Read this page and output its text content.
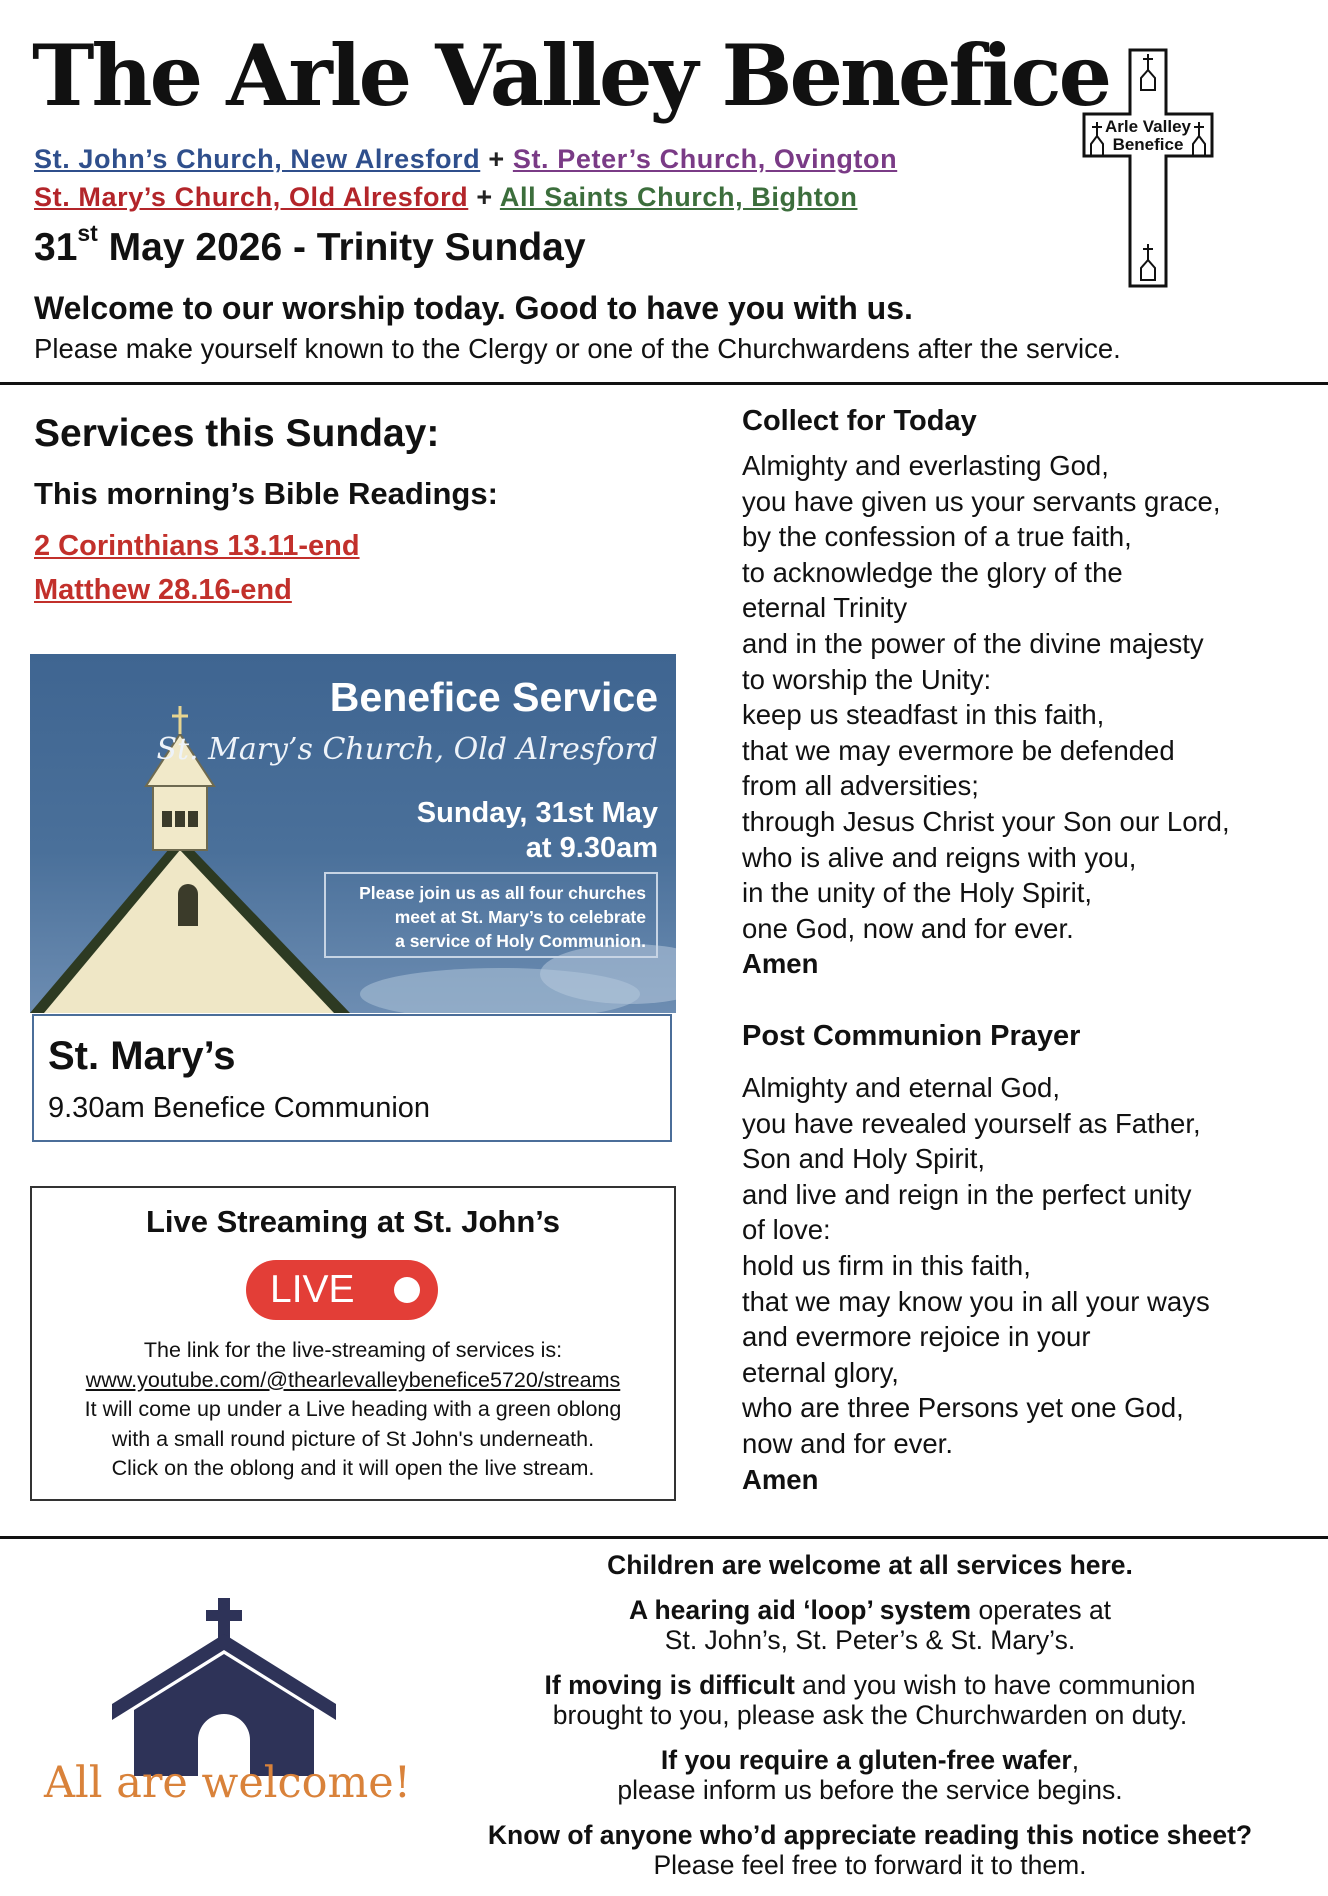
The Arle Valley Benefice
St. John’s Church, New Alresford + St. Peter’s Church, Ovington
St. Mary’s Church, Old Alresford + All Saints Church, Bighton
31st May 2026 - Trinity Sunday
Welcome to our worship today. Good to have you with us.
Please make yourself known to the Clergy or one of the Churchwardens after the service.
Arle Valley
Benefice
Services this Sunday:
This morning’s Bible Readings:
2 Corinthians 13.11-end
Matthew 28.16-end
Benefice Service
St. Mary’s Church, Old Alresford
Sunday, 31st May
at 9.30am
Please join us as all four churches
meet at St. Mary’s to celebrate
a service of Holy Communion.
St. Mary’s
9.30am Benefice Communion
Live Streaming at St. John’s
LIVE
The link for the live-streaming of services is:
www.youtube.com/@thearlevalleybenefice5720/streams
It will come up under a Live heading with a green oblong
with a small round picture of St John's underneath.
Click on the oblong and it will open the live stream.
Collect for Today
Almighty and everlasting God,
you have given us your servants grace,
by the confession of a true faith,
to acknowledge the glory of the
eternal Trinity
and in the power of the divine majesty
to worship the Unity:
keep us steadfast in this faith,
that we may evermore be defended
from all adversities;
through Jesus Christ your Son our Lord,
who is alive and reigns with you,
in the unity of the Holy Spirit,
one God, now and for ever.
Amen
Post Communion Prayer
Almighty and eternal God,
you have revealed yourself as Father,
Son and Holy Spirit,
and live and reign in the perfect unity
of love:
hold us firm in this faith,
that we may know you in all your ways
and evermore rejoice in your
eternal glory,
who are three Persons yet one God,
now and for ever.
Amen
All are welcome!

Children are welcome at all services here.

A hearing aid ‘loop’ system operates at
St. John’s, St. Peter’s & St. Mary’s.

If moving is difficult and you wish to have communion
brought to you, please ask the Churchwarden on duty.

If you require a gluten-free wafer,
please inform us before the service begins.

Know of anyone who’d appreciate reading this notice sheet?
Please feel free to forward it to them.
